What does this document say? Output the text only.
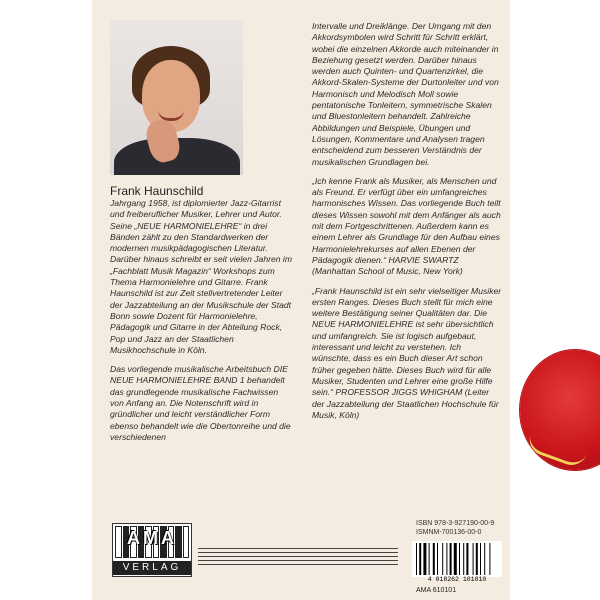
Frank Haunschild

Jahrgang 1958, ist diplomierter Jazz-Gitarrist und freiberuflicher Musiker, Lehrer und Autor. Seine „NEUE HARMONIELEHRE“ in drei Bänden zählt zu den Standardwerken der modernen musikpädagogischen Literatur. Darüber hinaus schreibt er seit vielen Jahren im „Fachblatt Musik Magazin“ Workshops zum Thema Harmonielehre und Gitarre. Frank Haunschild ist zur Zeit stellvertretender Leiter der Jazzabteilung an der Musikschule der Stadt Bonn sowie Dozent für Harmonielehre, Pädagogik und Gitarre in der Abteilung Rock, Pop und Jazz an der Staatlichen Musikhochschule in Köln.

Das vorliegende musikalische Arbeitsbuch DIE NEUE HARMONIELEHRE BAND 1 behandelt das grundlegende musikalische Fachwissen von Anfang an. Die Notenschrift wird in gründlicher und leicht verständlicher Form ebenso behandelt wie die Obertonreihe und die verschiedenen

Intervalle und Dreiklänge. Der Umgang mit den Akkordsymbolen wird Schritt für Schritt erklärt, wobei die einzelnen Akkorde auch miteinander in Beziehung gesetzt werden. Darüber hinaus werden auch Quinten- und Quartenzirkel, die Akkord-Skalen-Systeme der Durtonleiter und von Harmonisch und Melodisch Moll sowie pentatonische Tonleitern, symmetrische Skalen und Bluestonleitern behandelt. Zahlreiche Abbildungen und Beispiele, Übungen und Lösungen, Kommentare und Analysen tragen entscheidend zum besseren Verständnis der musikalischen Grundlagen bei.

„Ich kenne Frank als Musiker, als Menschen und als Freund. Er verfügt über ein umfangreiches harmonisches Wissen. Das vorliegende Buch teilt dieses Wissen sowohl mit dem Anfänger als auch mit dem Fortgeschrittenen. Außerdem kann es einem Lehrer als Grundlage für den Aufbau eines Harmonielehrekurses auf allen Ebenen der Pädagogik dienen.“ HARVIE SWARTZ (Manhattan School of Music, New York)

„Frank Haunschild ist ein sehr vielseitiger Musiker ersten Ranges. Dieses Buch stellt für mich eine weitere Bestätigung seiner Qualitäten dar. Die NEUE HARMONIELEHRE ist sehr übersichtlich und umfangreich. Sie ist logisch aufgebaut, interessant und leicht zu verstehen. Ich wünschte, dass es ein Buch dieser Art schon früher gegeben hätte. Dieses Buch wird für alle Musiker, Studenten und Lehrer eine große Hilfe sein.“ PROFESSOR JIGGS WHIGHAM (Leiter der Jazzabteilung der Staatlichen Hochschule für Musik, Köln)

AMA
VERLAG
ISBN 978-3-927190-00-9
ISMNM-700136-00-0
4 018262 101010
AMA 610101
